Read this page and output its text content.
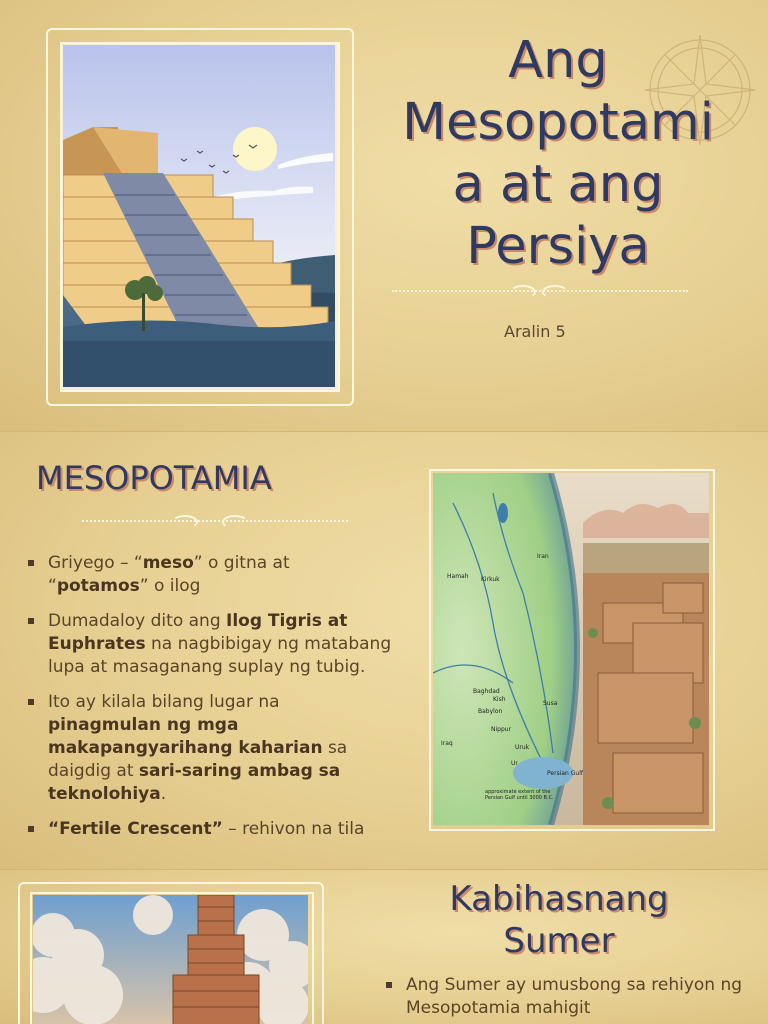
Ang
Mesopotami
a at ang
Persiya
Aralin 5
MESOPOTAMIA
Griyego – “meso” o gitna at “potamos” o ilog
Dumadaloy dito ang Ilog Tigris at Euphrates na nagbibigay ng matabang lupa at masaganang suplay ng tubig.
Ito ay kilala bilang lugar na pinagmulan ng mga makapangyarihang kaharian sa daigdig at sari-saring ambag sa teknolohiya.
“Fertile Crescent” – rehivon na tila
Iran
Iraq
Baghdad
Kirkuk
Hamah
Ur
Babylon
Kish
Uruk
Nippur
Susa
Persian Gulf
approximate extent of the Persian Gulf until 3000 B.C.
Kabihasnang
Sumer
Ang Sumer ay umusbong sa rehiyon ng Mesopotamia mahigit
